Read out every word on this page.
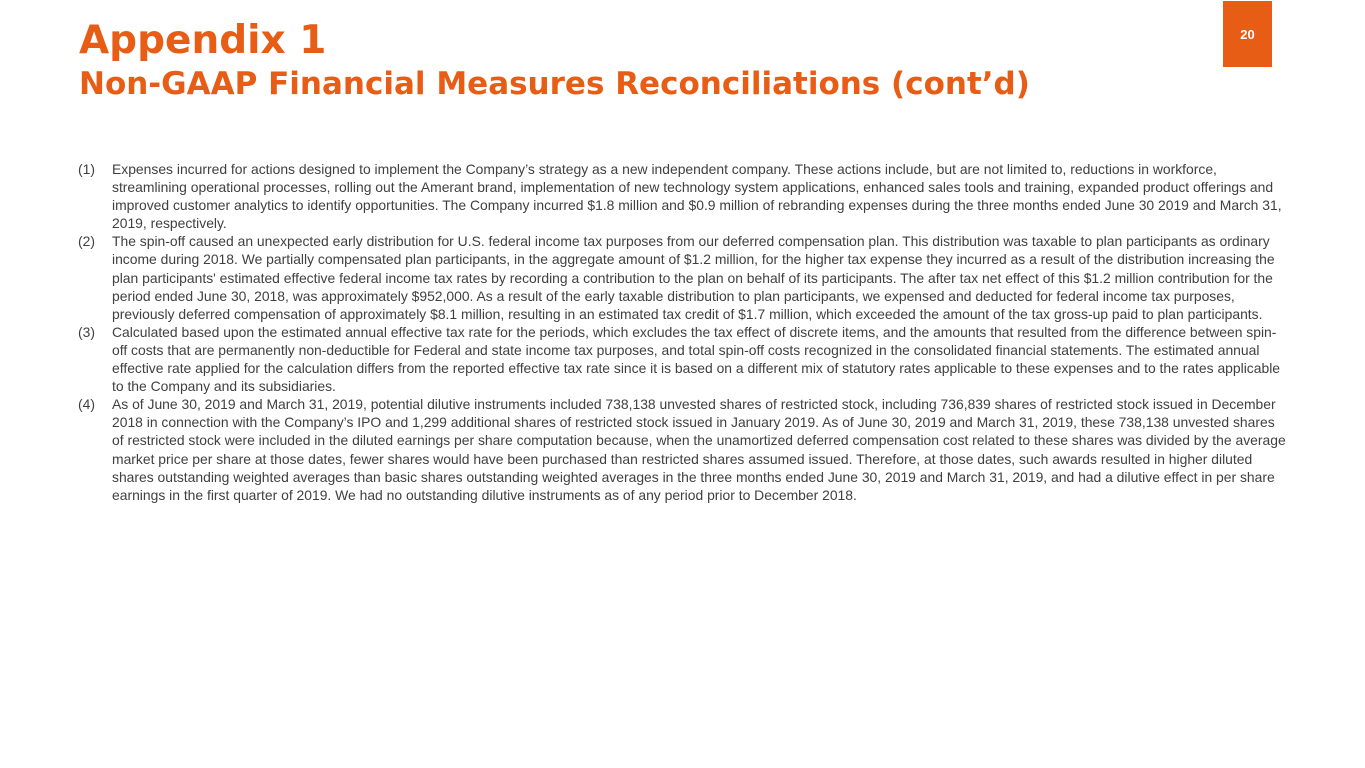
Appendix 1
Non-GAAP Financial Measures Reconciliations (cont’d)
20
(1)	Expenses incurred for actions designed to implement the Company’s strategy as a new independent company. These actions include, but are not limited to, reductions in workforce, streamlining operational processes, rolling out the Amerant brand, implementation of new technology system applications, enhanced sales tools and training, expanded product offerings and improved customer analytics to identify opportunities. The Company incurred $1.8 million and $0.9 million of rebranding expenses during the three months ended June 30 2019 and March 31, 2019, respectively.
(2)	The spin-off caused an unexpected early distribution for U.S. federal income tax purposes from our deferred compensation plan. This distribution was taxable to plan participants as ordinary income during 2018. We partially compensated plan participants, in the aggregate amount of $1.2 million, for the higher tax expense they incurred as a result of the distribution increasing the plan participants' estimated effective federal income tax rates by recording a contribution to the plan on behalf of its participants. The after tax net effect of this $1.2 million contribution for the period ended June 30, 2018, was approximately $952,000. As a result of the early taxable distribution to plan participants, we expensed and deducted for federal income tax purposes, previously deferred compensation of approximately $8.1 million, resulting in an estimated tax credit of $1.7 million, which exceeded the amount of the tax gross-up paid to plan participants.
(3)	Calculated based upon the estimated annual effective tax rate for the periods, which excludes the tax effect of discrete items, and the amounts that resulted from the difference between spin-off costs that are permanently non-deductible for Federal and state income tax purposes, and total spin-off costs recognized in the consolidated financial statements. The estimated annual effective rate applied for the calculation differs from the reported effective tax rate since it is based on a different mix of statutory rates applicable to these expenses and to the rates applicable to the Company and its subsidiaries.
(4)	As of June 30, 2019 and March 31, 2019, potential dilutive instruments included 738,138 unvested shares of restricted stock, including 736,839 shares of restricted stock issued in December 2018 in connection with the Company’s IPO and 1,299 additional shares of restricted stock issued in January 2019. As of June 30, 2019 and March 31, 2019, these 738,138 unvested shares of restricted stock were included in the diluted earnings per share computation because, when the unamortized deferred compensation cost related to these shares was divided by the average market price per share at those dates, fewer shares would have been purchased than restricted shares assumed issued. Therefore, at those dates, such awards resulted in higher diluted shares outstanding weighted averages than basic shares outstanding weighted averages in the three months ended June 30, 2019 and March 31, 2019, and had a dilutive effect in per share earnings in the first quarter of 2019. We had no outstanding dilutive instruments as of any period prior to December 2018.
